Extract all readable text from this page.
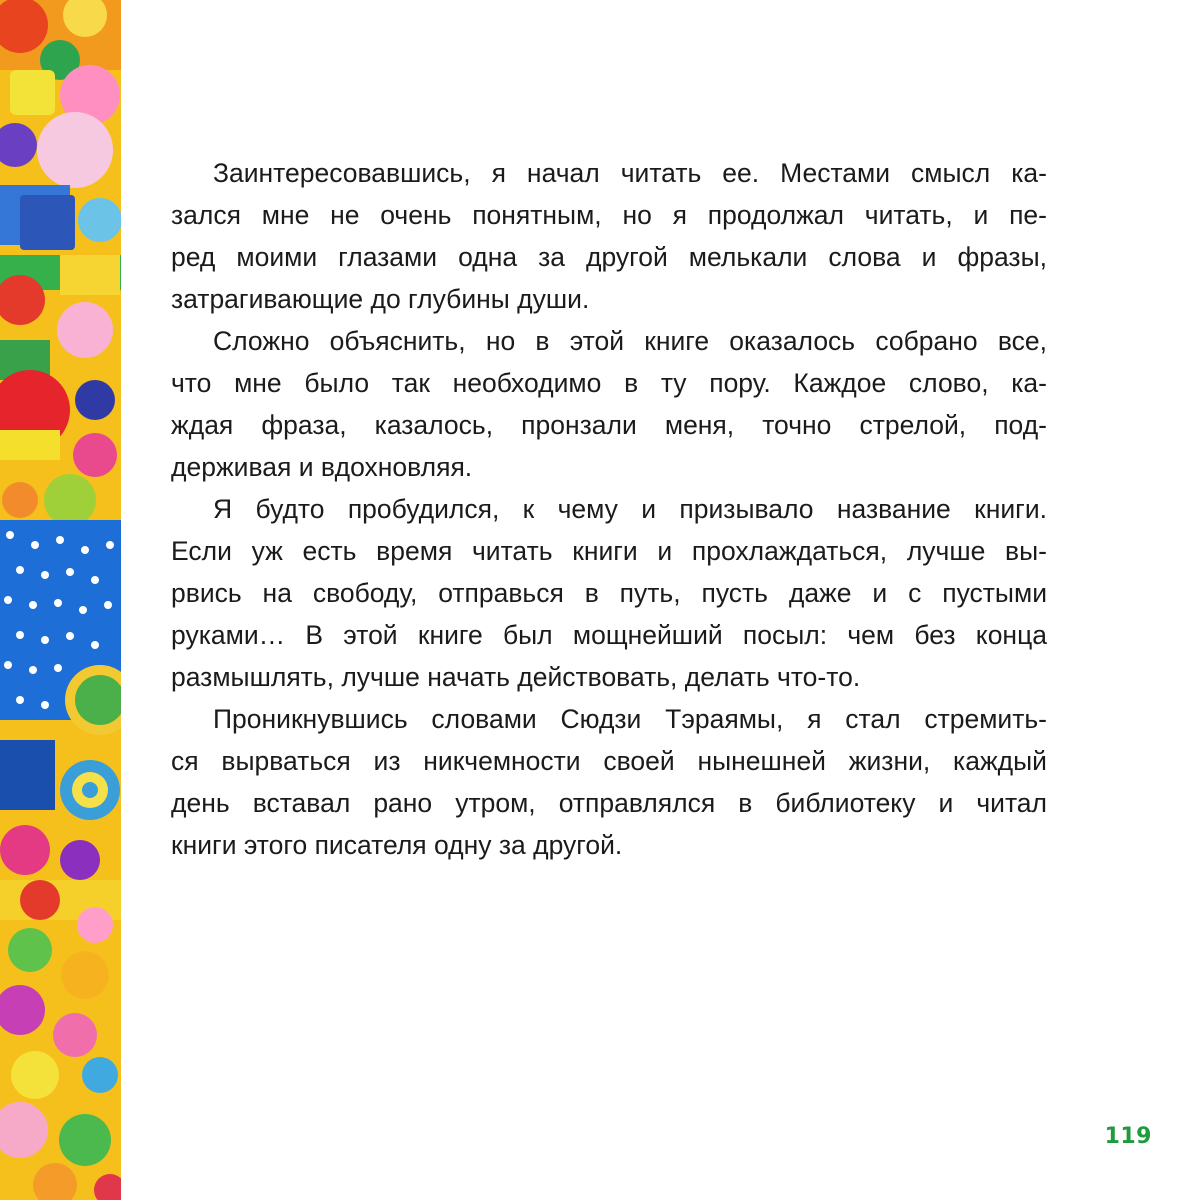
Заинтересовавшись, я начал читать ее. Местами смысл ка-
зался мне не очень понятным, но я продолжал читать, и пе-
ред моими глазами одна за другой мелькали слова и фразы,
затрагивающие до глубины души.

Сложно объяснить, но в этой книге оказалось собрано все,
что мне было так необходимо в ту пору. Каждое слово, ка-
ждая фраза, казалось, пронзали меня, точно стрелой, под-
держивая и вдохновляя.

Я будто пробудился, к чему и призывало название книги.
Если уж есть время читать книги и прохлаждаться, лучше вы-
рвись на свободу, отправься в путь, пусть даже и с пустыми
руками… В этой книге был мощнейший посыл: чем без конца
размышлять, лучше начать действовать, делать что-то.

Проникнувшись словами Сюдзи Тэраямы, я стал стремить-
ся вырваться из никчемности своей нынешней жизни, каждый
день вставал рано утром, отправлялся в библиотеку и читал
книги этого писателя одну за другой.

119
